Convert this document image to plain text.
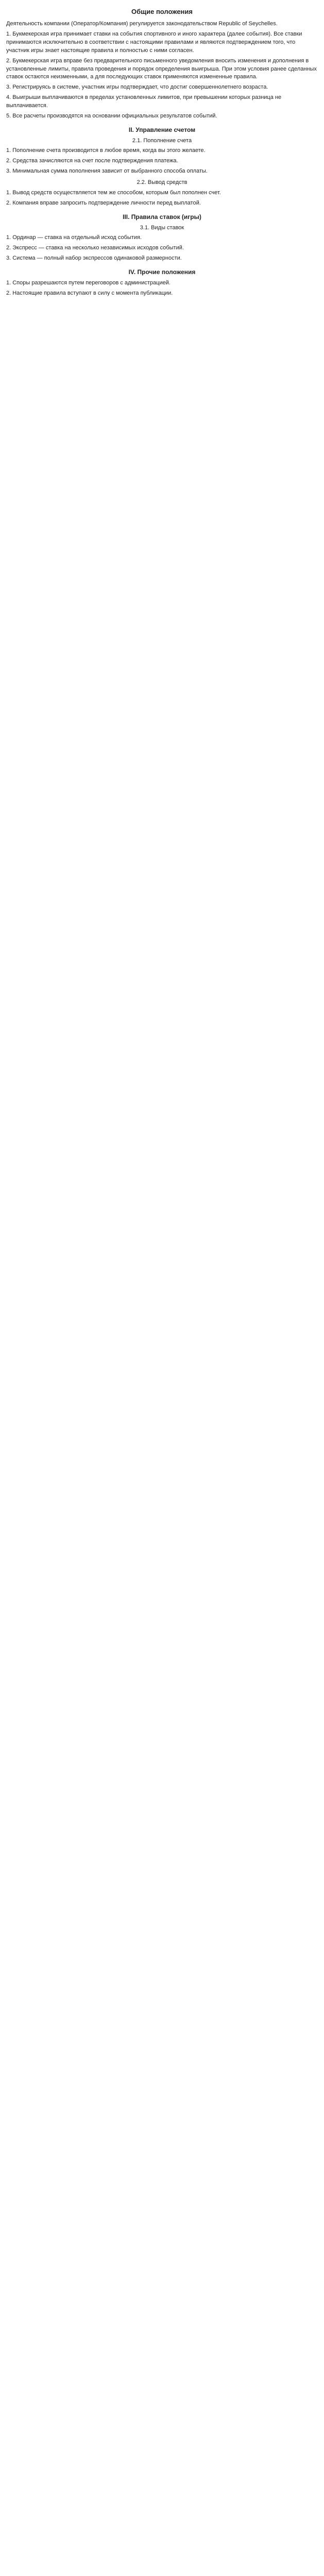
Общие положения

Деятельность компании (Оператор/Компания) регулируется законодательством Republic of Seychelles.

1. Букмекерская игра принимает ставки на события спортивного и иного характера (далее события). Все ставки принимаются исключительно в соответствии с настоящими правилами и являются подтверждением того, что участник игры знает настоящие правила и полностью с ними согласен.

2. Букмекерская игра вправе без предварительного письменного уведомления вносить изменения и дополнения в установленные лимиты, правила проведения и порядок определения выигрыша. При этом условия ранее сделанных ставок остаются неизменными, а для последующих ставок применяются измененные правила.

3. Регистрируясь в системе, участник игры подтверждает, что достиг совершеннолетнего возраста.

4. Выигрыши выплачиваются в пределах установленных лимитов, при превышении которых разница не выплачивается.

5. Все расчеты производятся на основании официальных результатов событий.

II. Управление счетом

2.1. Пополнение счета

1. Пополнение счета производится в любое время, когда вы этого желаете.

2. Средства зачисляются на счет после подтверждения платежа.

3. Минимальная сумма пополнения зависит от выбранного способа оплаты.

2.2. Вывод средств

1. Вывод средств осуществляется тем же способом, которым был пополнен счет.

2. Компания вправе запросить подтверждение личности перед выплатой.

III. Правила ставок (игры)

3.1. Виды ставок

1. Ординар — ставка на отдельный исход события.

2. Экспресс — ставка на несколько независимых исходов событий.

3. Система — полный набор экспрессов одинаковой размерности.

IV. Прочие положения

1. Споры разрешаются путем переговоров с администрацией.

2. Настоящие правила вступают в силу с момента публикации.
